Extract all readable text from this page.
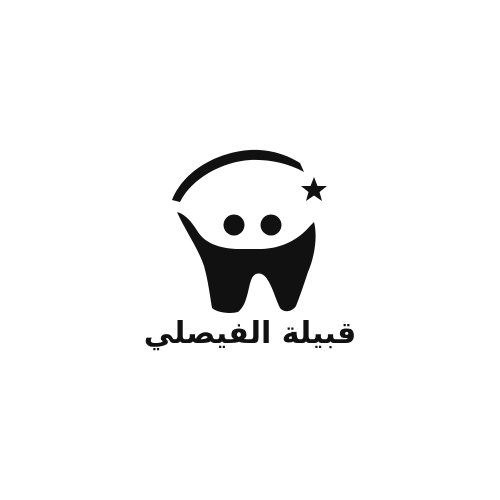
قبيلة الفيصلي
